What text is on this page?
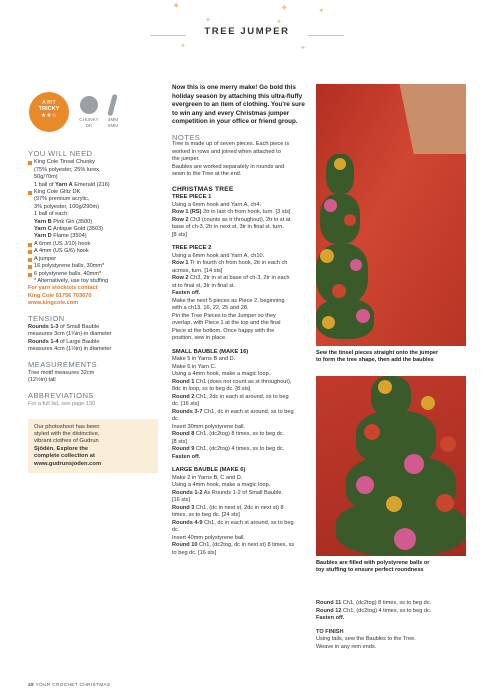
✦
✦
✦
✦
✦
✦	✦
TREE JUMPER
A BIT
TRICKY
★★☆
CHUNKY
DK
4MM
6MM
YOU WILL NEED
King Cole Tinsel Chunky
(75% polyester, 25% lurex,
50g/70m)
1 ball of Yarn A Emerald (216)
King Cole Glitz DK
(97% premium acrylic,
3% polyester, 100g/290m)
1 ball of each:
Yarn B Pink Gin (3500)
Yarn C Antique Gold (3503)
Yarn D Flame (3504)
A 6mm (US J/10) hook
A 4mm (US G/6) hook
A jumper
16 polystyrene balls, 30mm*
6 polystyrene balls, 40mm*
* Alternatively, use toy stuffing
For yarn stockists contact
King Cole 01756 703670
www.kingcole.com
TENSION
Rounds 1-3 of Small Bauble
measures 3cm (1¼in)-in diameter
Rounds 1-4 of Large Bauble
measures 4cm (1½in) in diameter
MEASUREMENTS
Tree motif measures 32cm
(12½in) tall
ABBREVIATIONS
For a full list, see page 130
Our photoshoot has been
styled with the distinctive,
vibrant clothes of Gudrun
Sjödén. Explore the
complete collection at
www.gudrunsjoden.com
Now this is one merry make! Go bold this
holiday season by attaching this ultra-fluffy
evergreen to an item of clothing. You're sure
to win any and every Christmas jumper
competition in your office or friend group.
NOTES
Tree is made up of seven pieces. Each piece is
worked in rows and joined when attached to
the jumper.
Baubles are worked separately in rounds and
sewn to the Tree at the end.
CHRISTMAS TREE
TREE PIECE 1
Using a 6mm hook and Yarn A, ch4.
Row 1 (RS) 2tr in last ch from hook, turn. [3 sts]
Row 2 Ch3 (counts as tr throughout), 2tr in st at
base of ch-3, 2tr in next st, 3tr in final st. turn.
[8 sts]
TREE PIECE 2
Using a 6mm hook and Yarn A, ch10.
Row 1 Tr in fourth ch from hook, 2tr in each ch
across, turn. [14 sts]
Row 2 Ch3, 2tr in st at base of ch-3, 2tr in each
st to final st, 3tr in final st.
Fasten off.
Make the next 5 pieces as Piece 2, beginning
with a ch13, 16, 22, 25 and 28.
Pin the Tree Pieces to the Jumper so they
overlap, with Piece 1 at the top and the final
Piece at the bottom. Once happy with the
position, sew in place.
SMALL BAUBLE (MAKE 16)
Make 5 in Yarns B and D.
Make 6 in Yarn C.
Using a 4mm hook, make a magic loop.
Round 1 Ch1 (does not count as st throughout),
8dc in loop, ss to beg dc. [8 sts]
Round 2 Ch1, 2dc in each st around, ss to beg
dc. [16 sts]
Rounds 3-7 Ch1, dc in each st around, ss to beg
dc.
Insert 30mm polystyrene ball.
Round 8 Ch1, (dc2tog) 8 times, ss to beg dc.
[8 sts]
Round 9 Ch1, (dc2tog) 4 times, ss to beg dc.
Fasten off.
LARGE BAUBLE (MAKE 6)
Make 2 in Yarns B, C and D.
Using a 4mm hook, make a magic loop.
Rounds 1-2 As Rounds 1-2 of Small Bauble.
[16 sts]
Round 3 Ch1, (dc in next st, 2dc in next st) 8
times, ss to beg dc. [24 sts]
Rounds 4-9 Ch1, dc in each st around, ss to beg
dc.
Insert 40mm polystyrene ball.
Round 10 Ch1, (dc2tog, dc in next st) 8 times, ss
to beg dc. [16 sts]
Sew the tinsel pieces straight onto the jumper
to form the tree shape, then add the baubles
Baubles are filled with polystyrene balls or
toy stuffing to ensure perfect roundness
Round 11 Ch1, (dc2tog) 8 times, ss to beg dc.
Round 12 Ch1, (dc2tog) 4 times, ss to beg dc.
Fasten off.
TO FINISH
Using tails, sew the Baubles to the Tree.
Weave in any rem ends.
48 YOUR CROCHET CHRISTMAS
